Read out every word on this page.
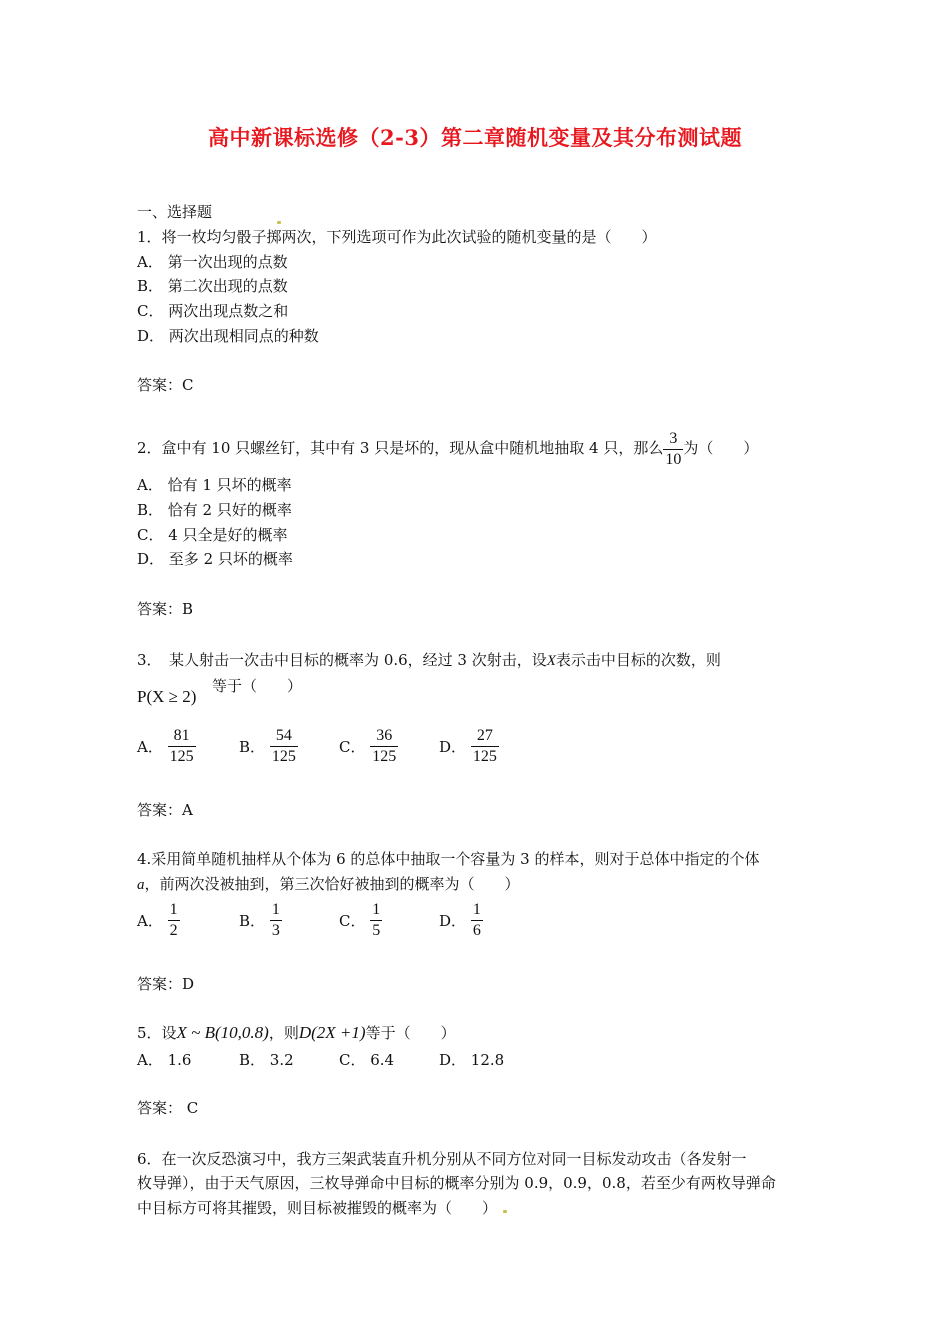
高中新课标选修（2-3）第二章随机变量及其分布测试题
一、选择题
1．将一枚均匀骰子掷两次，下列选项可作为此次试验的随机变量的是（　　）
A． 第一次出现的点数
B． 第二次出现的点数
C． 两次出现点数之和
D． 两次出现相同点的种数
答案：C
2．盒中有 10 只螺丝钉，其中有 3 只是坏的，现从盒中随机地抽取 4 只，那么 $\frac{3}{10}$ 为（　　）
A． 恰有 1 只坏的概率
B． 恰有 2 只好的概率
C． 4 只全是好的概率
D． 至多 2 只坏的概率
答案：B
3．　某人射击一次击中目标的概率为 0.6，经过 3 次射击，设X表示击中目标的次数，则
P(X ≥ 2)
等于（　　）
A． $\frac{81}{125}$	B． $\frac{54}{125}$	C． $\frac{36}{125}$	D． $\frac{27}{125}$
答案：A
4.采用简单随机抽样从个体为 6 的总体中抽取一个容量为 3 的样本，则对于总体中指定的个体
a，前两次没被抽到，第三次恰好被抽到的概率为（　　）
A． $\frac{1}{2}$	B． $\frac{1}{3}$	C． $\frac{1}{5}$	D． $\frac{1}{6}$
答案：D
5．设X ~ B(10,0.8)，则D(2X +1)等于（　　）
A． 1.6	B． 3.2	C． 6.4	D． 12.8
答案： C
6．在一次反恐演习中，我方三架武装直升机分别从不同方位对同一目标发动攻击（各发射一
枚导弹），由于天气原因，三枚导弹命中目标的概率分别为 0.9，0.9，0.8，若至少有两枚导弹命
中目标方可将其摧毁，则目标被摧毁的概率为（　　）
